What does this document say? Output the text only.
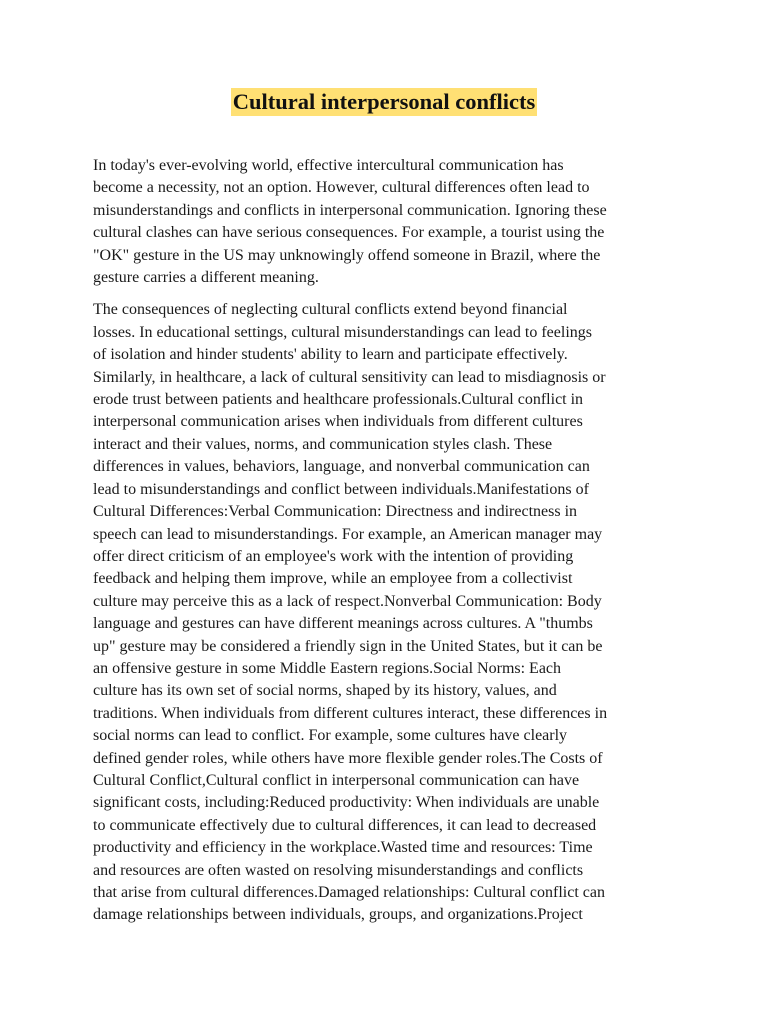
Cultural interpersonal conflicts

In today's ever-evolving world, effective intercultural communication has
become a necessity, not an option. However, cultural differences often lead to
misunderstandings and conflicts in interpersonal communication. Ignoring these
cultural clashes can have serious consequences. For example, a tourist using the
"OK" gesture in the US may unknowingly offend someone in Brazil, where the
gesture carries a different meaning.

The consequences of neglecting cultural conflicts extend beyond financial
losses. In educational settings, cultural misunderstandings can lead to feelings
of isolation and hinder students' ability to learn and participate effectively.
Similarly, in healthcare, a lack of cultural sensitivity can lead to misdiagnosis or
erode trust between patients and healthcare professionals.Cultural conflict in
interpersonal communication arises when individuals from different cultures
interact and their values, norms, and communication styles clash. These
differences in values, behaviors, language, and nonverbal communication can
lead to misunderstandings and conflict between individuals.Manifestations of
Cultural Differences:Verbal Communication: Directness and indirectness in
speech can lead to misunderstandings. For example, an American manager may
offer direct criticism of an employee's work with the intention of providing
feedback and helping them improve, while an employee from a collectivist
culture may perceive this as a lack of respect.Nonverbal Communication: Body
language and gestures can have different meanings across cultures. A "thumbs
up" gesture may be considered a friendly sign in the United States, but it can be
an offensive gesture in some Middle Eastern regions.Social Norms: Each
culture has its own set of social norms, shaped by its history, values, and
traditions. When individuals from different cultures interact, these differences in
social norms can lead to conflict. For example, some cultures have clearly
defined gender roles, while others have more flexible gender roles.The Costs of
Cultural Conflict,Cultural conflict in interpersonal communication can have
significant costs, including:Reduced productivity: When individuals are unable
to communicate effectively due to cultural differences, it can lead to decreased
productivity and efficiency in the workplace.Wasted time and resources: Time
and resources are often wasted on resolving misunderstandings and conflicts
that arise from cultural differences.Damaged relationships: Cultural conflict can
damage relationships between individuals, groups, and organizations.Project
